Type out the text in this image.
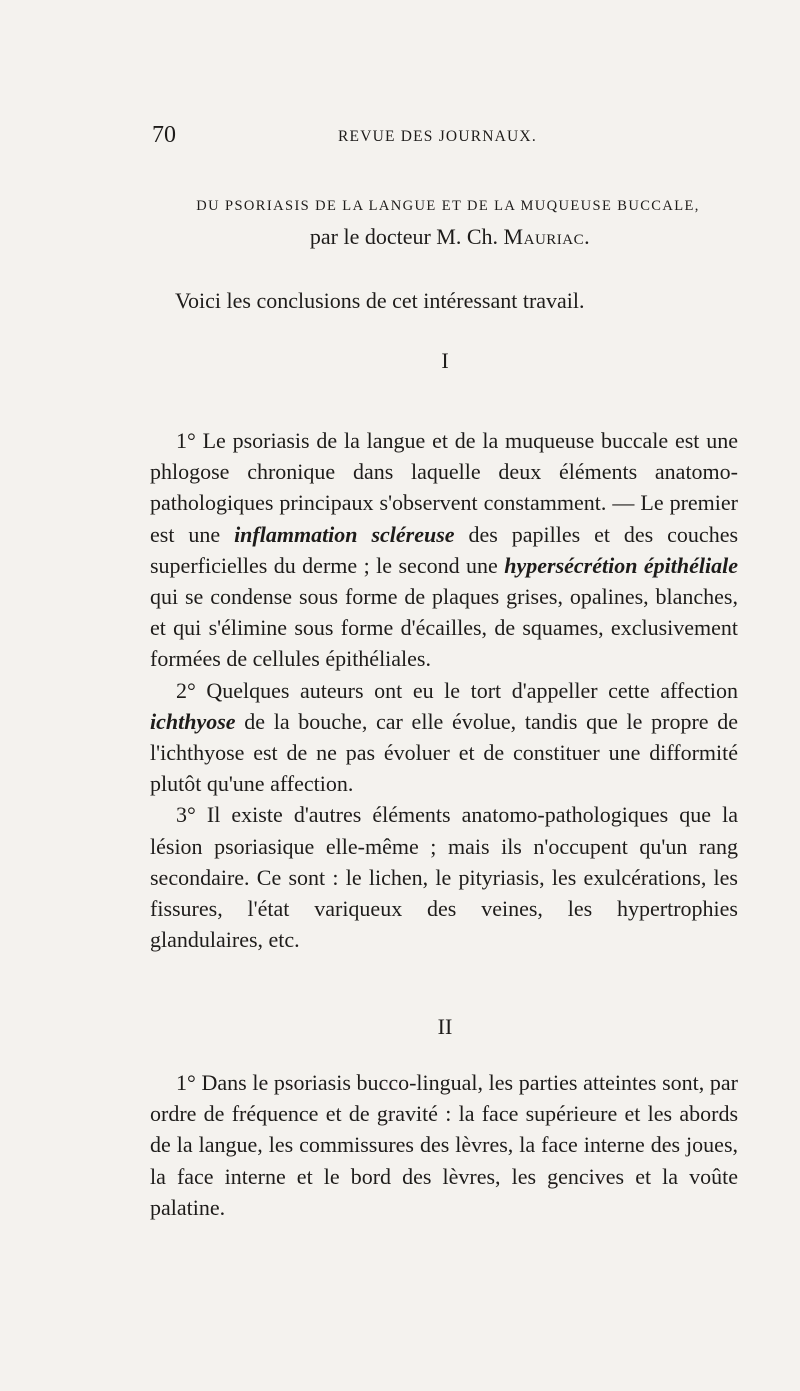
70	REVUE DES JOURNAUX.
DU PSORIASIS DE LA LANGUE ET DE LA MUQUEUSE BUCCALE,
par le docteur M. Ch. Mauriac.
Voici les conclusions de cet intéressant travail.
I

1° Le psoriasis de la langue et de la muqueuse buccale est une phlogose chronique dans laquelle deux éléments anatomo-pathologiques principaux s'observent constamment. — Le premier est une inflammation scléreuse des papilles et des couches superficielles du derme ; le second une hypersécrétion épithéliale qui se condense sous forme de plaques grises, opalines, blanches, et qui s'élimine sous forme d'écailles, de squames, exclusivement formées de cellules épithéliales.

2° Quelques auteurs ont eu le tort d'appeller cette affection ichthyose de la bouche, car elle évolue, tandis que le propre de l'ichthyose est de ne pas évoluer et de constituer une difformité plutôt qu'une affection.

3° Il existe d'autres éléments anatomo-pathologiques que la lésion psoriasique elle-même ; mais ils n'occupent qu'un rang secondaire. Ce sont : le lichen, le pityriasis, les exulcérations, les fissures, l'état variqueux des veines, les hypertrophies glandulaires, etc.

II

1° Dans le psoriasis bucco-lingual, les parties atteintes sont, par ordre de fréquence et de gravité : la face supérieure et les abords de la langue, les commissures des lèvres, la face interne des joues, la face interne et le bord des lèvres, les gencives et la voûte palatine.
